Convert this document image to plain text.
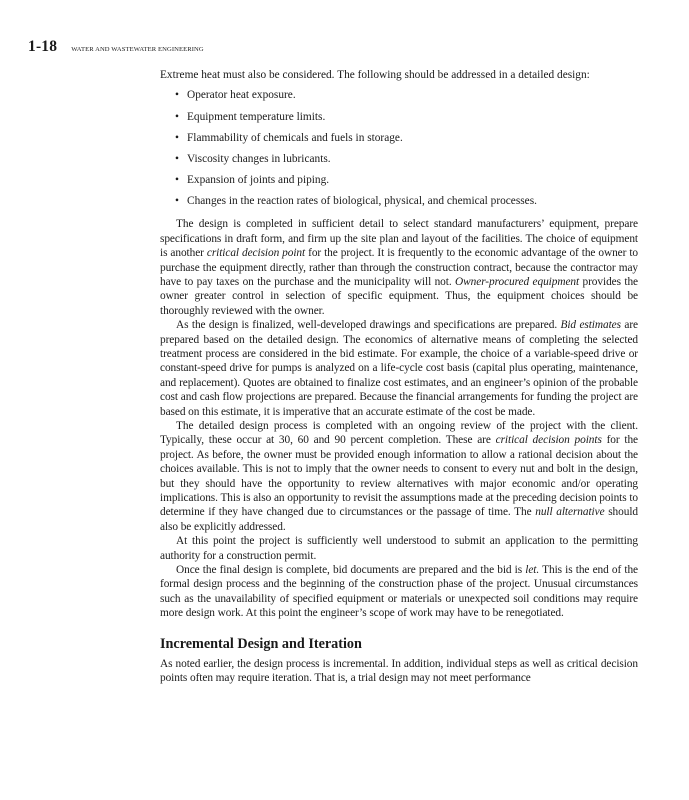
1-18 WATER AND WASTEWATER ENGINEERING

Extreme heat must also be considered. The following should be addressed in a detailed design:

• Operator heat exposure.
• Equipment temperature limits.
• Flammability of chemicals and fuels in storage.
• Viscosity changes in lubricants.
• Expansion of joints and piping.
• Changes in the reaction rates of biological, physical, and chemical processes.

The design is completed in sufficient detail to select standard manufacturers’ equipment, prepare specifications in draft form, and firm up the site plan and layout of the facilities. The choice of equipment is another critical decision point for the project. It is frequently to the economic advantage of the owner to purchase the equipment directly, rather than through the construction contract, because the contractor may have to pay taxes on the purchase and the municipality will not. Owner-procured equipment provides the owner greater control in selection of specific equipment. Thus, the equipment choices should be thoroughly reviewed with the owner.

As the design is finalized, well-developed drawings and specifications are prepared. Bid estimates are prepared based on the detailed design. The economics of alternative means of completing the selected treatment process are considered in the bid estimate. For example, the choice of a variable-speed drive or constant-speed drive for pumps is analyzed on a life-cycle cost basis (capital plus operating, maintenance, and replacement). Quotes are obtained to finalize cost estimates, and an engineer’s opinion of the probable cost and cash flow projections are prepared. Because the financial arrangements for funding the project are based on this estimate, it is imperative that an accurate estimate of the cost be made.

The detailed design process is completed with an ongoing review of the project with the client. Typically, these occur at 30, 60 and 90 percent completion. These are critical decision points for the project. As before, the owner must be provided enough information to allow a rational decision about the choices available. This is not to imply that the owner needs to consent to every nut and bolt in the design, but they should have the opportunity to review alternatives with major economic and/or operating implications. This is also an opportunity to revisit the assumptions made at the preceding decision points to determine if they have changed due to circumstances or the passage of time. The null alternative should also be explicitly addressed.

At this point the project is sufficiently well understood to submit an application to the permitting authority for a construction permit.

Once the final design is complete, bid documents are prepared and the bid is let. This is the end of the formal design process and the beginning of the construction phase of the project. Unusual circumstances such as the unavailability of specified equipment or materials or unexpected soil conditions may require more design work. At this point the engineer’s scope of work may have to be renegotiated.

Incremental Design and Iteration

As noted earlier, the design process is incremental. In addition, individual steps as well as critical decision points often may require iteration. That is, a trial design may not meet performance
